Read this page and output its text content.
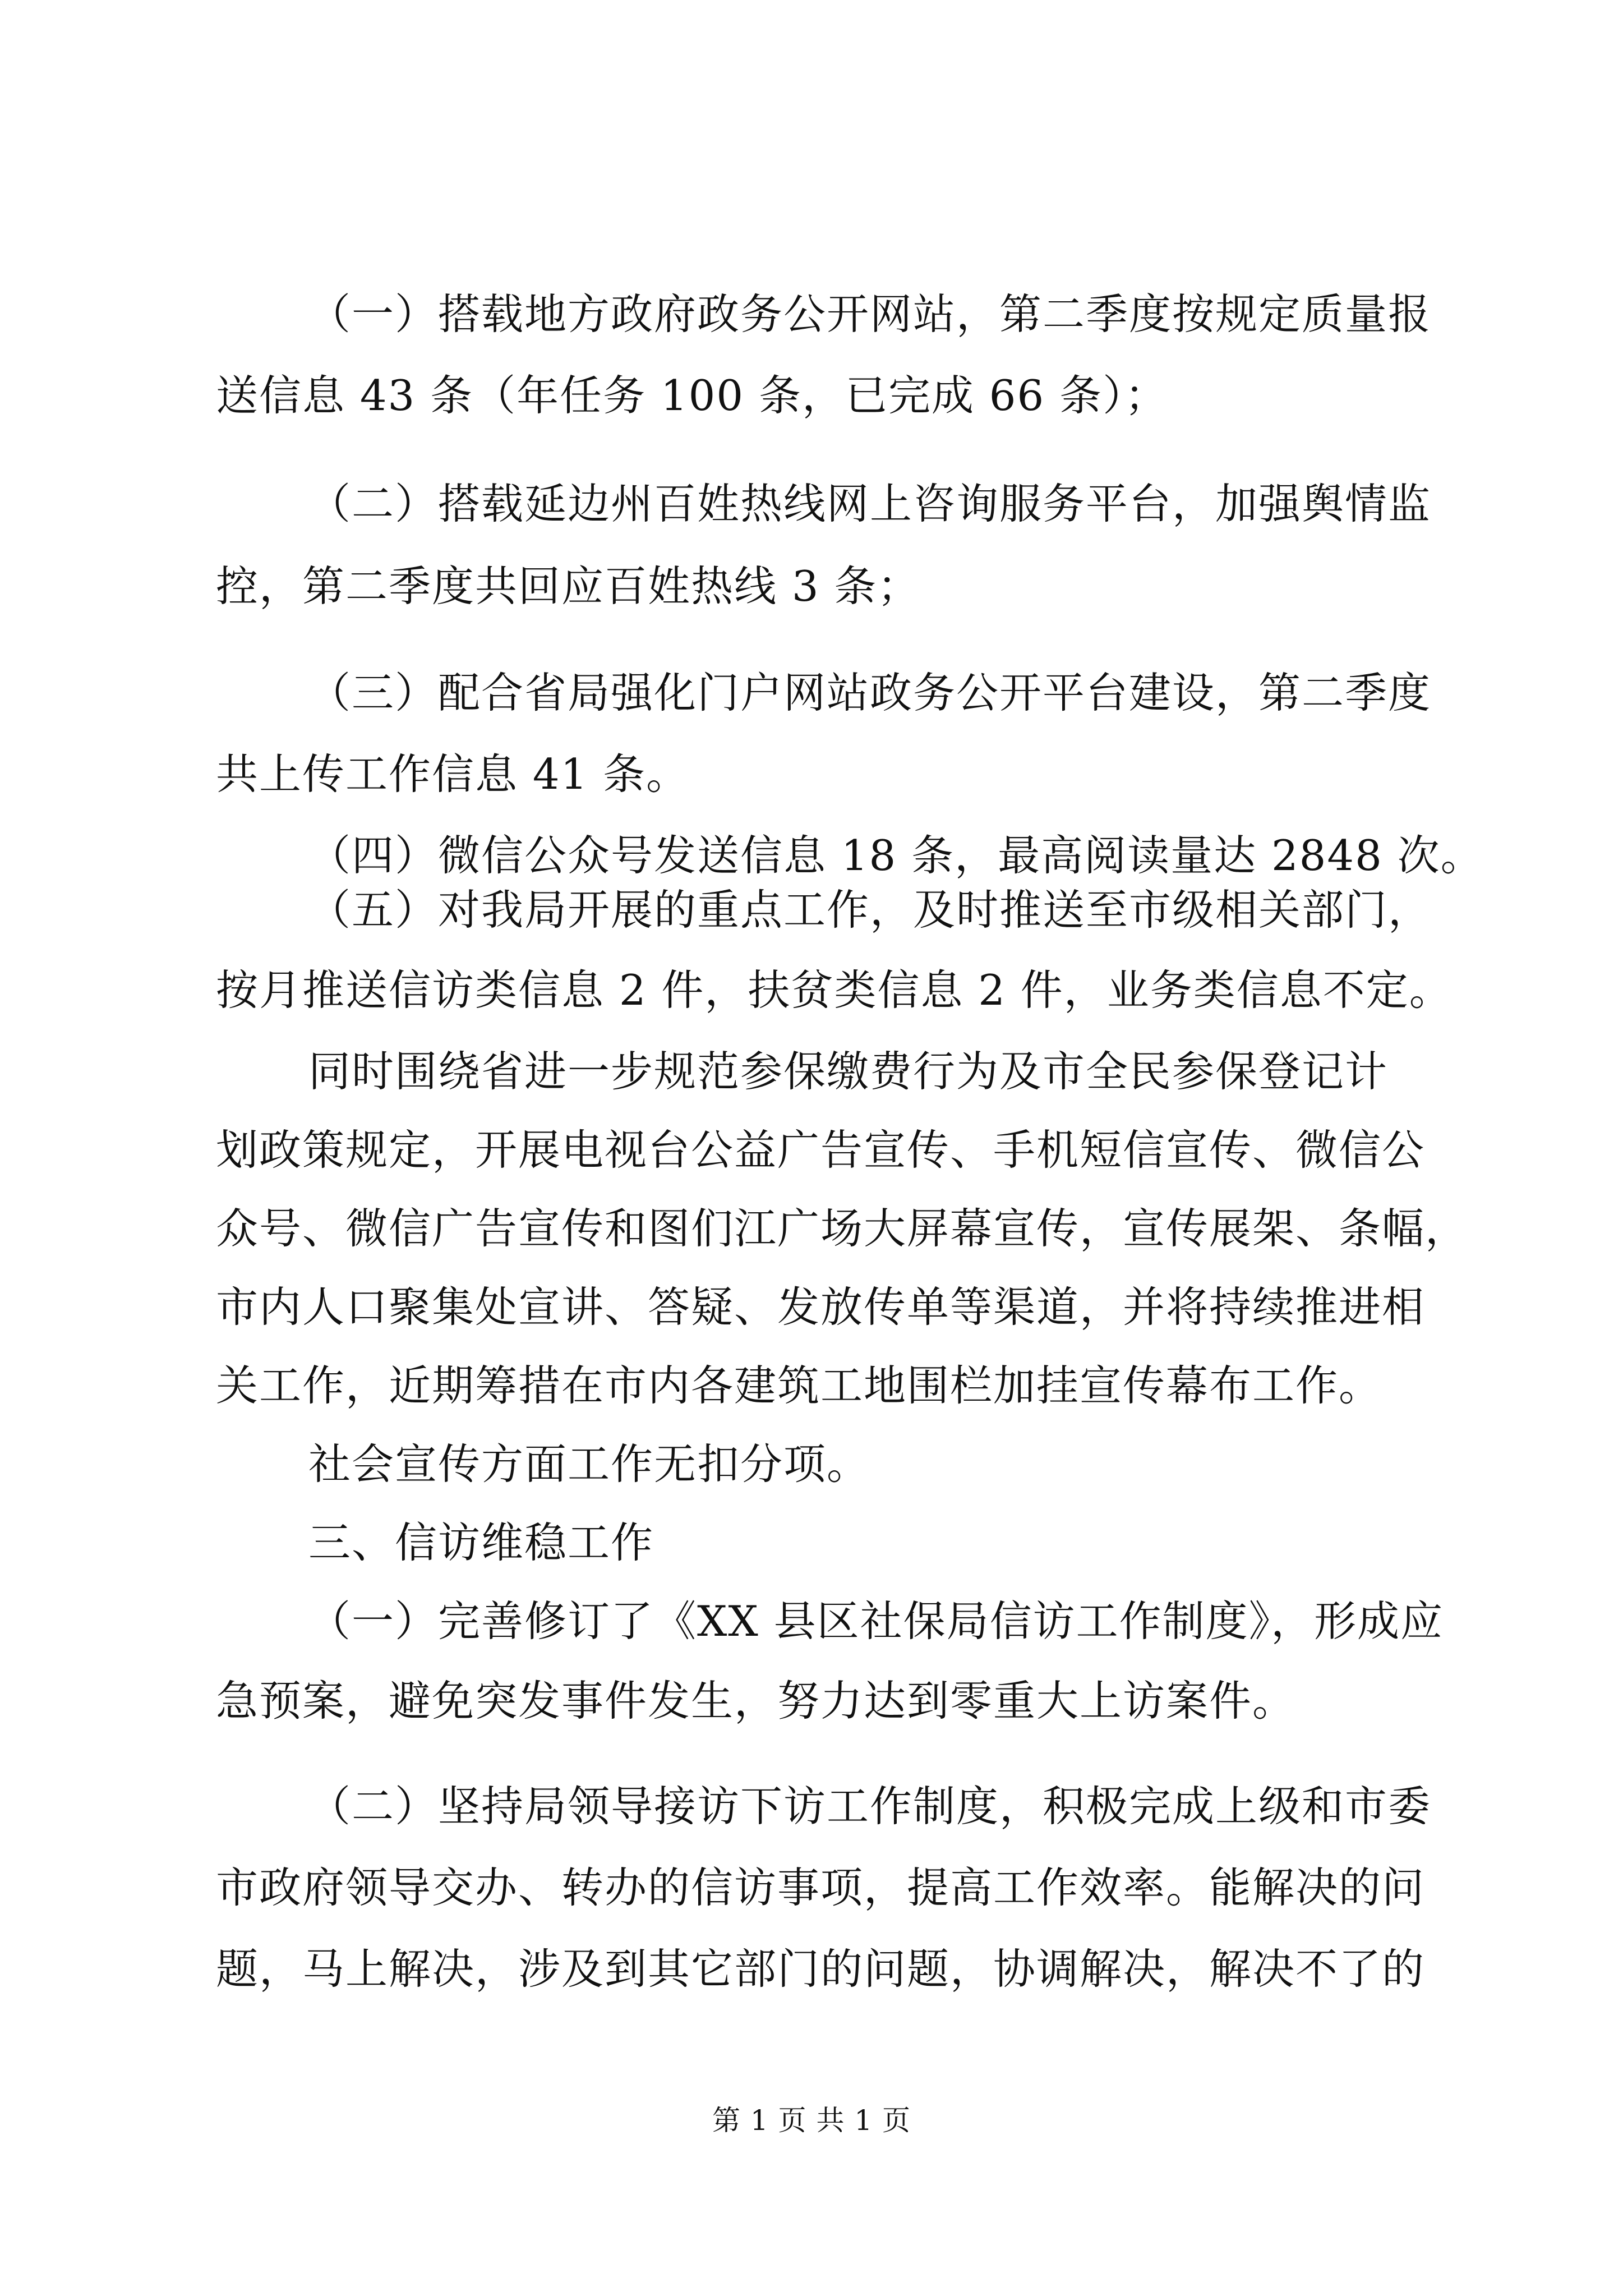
（一）搭载地方政府政务公开网站，第二季度按规定质量报
送信息 43 条（年任务 100 条，已完成 66 条）；
（二）搭载延边州百姓热线网上咨询服务平台，加强舆情监
控，第二季度共回应百姓热线 3 条；
（三）配合省局强化门户网站政务公开平台建设，第二季度
共上传工作信息 41 条。
（四）微信公众号发送信息 18 条，最高阅读量达 2848 次。
（五）对我局开展的重点工作，及时推送至市级相关部门，
按月推送信访类信息 2 件，扶贫类信息 2 件，业务类信息不定。
同时围绕省进一步规范参保缴费行为及市全民参保登记计
划政策规定，开展电视台公益广告宣传、手机短信宣传、微信公
众号、微信广告宣传和图们江广场大屏幕宣传，宣传展架、条幅，
市内人口聚集处宣讲、答疑、发放传单等渠道，并将持续推进相
关工作，近期筹措在市内各建筑工地围栏加挂宣传幕布工作。
社会宣传方面工作无扣分项。
三、信访维稳工作
（一）完善修订了《XX 县区社保局信访工作制度》，形成应
急预案，避免突发事件发生，努力达到零重大上访案件。
（二）坚持局领导接访下访工作制度，积极完成上级和市委
市政府领导交办、转办的信访事项，提高工作效率。能解决的问
题，马上解决，涉及到其它部门的问题，协调解决，解决不了的
第 1 页 共 1 页
